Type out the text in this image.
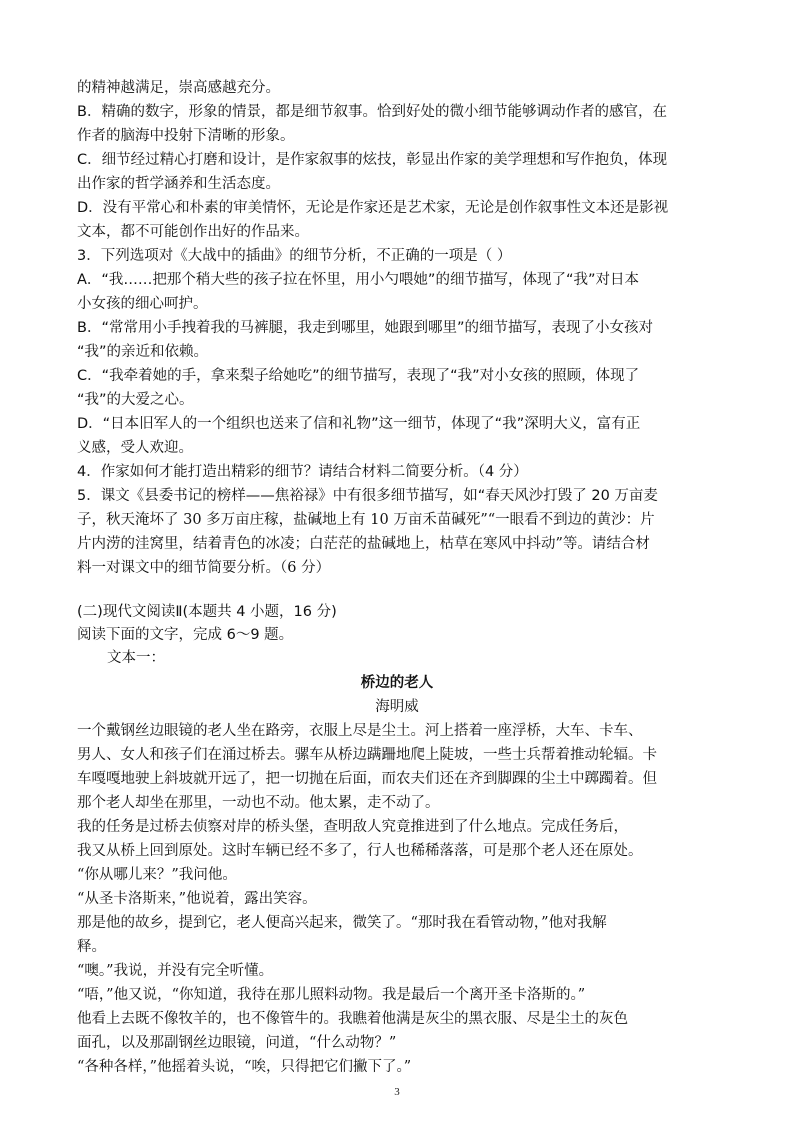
的精神越满足，崇高感越充分。
B．精确的数字，形象的情景，都是细节叙事。恰到好处的微小细节能够调动作者的感官，在
作者的脑海中投射下清晰的形象。
C．细节经过精心打磨和设计，是作家叙事的炫技，彰显出作家的美学理想和写作抱负，体现
出作家的哲学涵养和生活态度。
D．没有平常心和朴素的审美情怀，无论是作家还是艺术家，无论是创作叙事性文本还是影视
文本，都不可能创作出好的作品来。
3．下列选项对《大战中的插曲》的细节分析，不正确的一项是（ ）
A．“我……把那个稍大些的孩子拉在怀里，用小勺喂她”的细节描写，体现了“我”对日本
小女孩的细心呵护。
B．“常常用小手拽着我的马裤腿，我走到哪里，她跟到哪里”的细节描写，表现了小女孩对
“我”的亲近和依赖。
C．“我牵着她的手，拿来梨子给她吃”的细节描写，表现了“我”对小女孩的照顾，体现了
“我”的大爱之心。
D．“日本旧军人的一个组织也送来了信和礼物”这一细节，体现了“我”深明大义，富有正
义感，受人欢迎。
4．作家如何才能打造出精彩的细节？请结合材料二简要分析。（4 分）
5．课文《县委书记的榜样——焦裕禄》中有很多细节描写，如“春天风沙打毁了 20 万亩麦
子，秋天淹坏了 30 多万亩庄稼，盐碱地上有 10 万亩禾苗碱死”“一眼看不到边的黄沙：片
片内涝的洼窝里，结着青色的冰凌；白茫茫的盐碱地上，枯草在寒风中抖动”等。请结合材
料一对课文中的细节简要分析。（6 分）
(二)现代文阅读Ⅱ(本题共 4 小题，16 分)
阅读下面的文字，完成 6～9 题。
文本一：
桥边的老人
海明威
一个戴钢丝边眼镜的老人坐在路旁，衣服上尽是尘土。河上搭着一座浮桥，大车、卡车、
男人、女人和孩子们在涌过桥去。骡车从桥边蹒跚地爬上陡坡，一些士兵帮着推动轮辐。卡
车嘎嘎地驶上斜坡就开远了，把一切抛在后面，而农夫们还在齐到脚踝的尘土中踯躅着。但
那个老人却坐在那里，一动也不动。他太累，走不动了。
我的任务是过桥去侦察对岸的桥头堡，查明敌人究竟推进到了什么地点。完成任务后，
我又从桥上回到原处。这时车辆已经不多了，行人也稀稀落落，可是那个老人还在原处。
“你从哪儿来？”我问他。
“从圣卡洛斯来，”他说着，露出笑容。
那是他的故乡，提到它，老人便高兴起来，微笑了。“那时我在看管动物，”他对我解
释。
“噢。”我说，并没有完全听懂。
“唔，”他又说，“你知道，我待在那儿照料动物。我是最后一个离开圣卡洛斯的。”
他看上去既不像牧羊的，也不像管牛的。我瞧着他满是灰尘的黑衣服、尽是尘土的灰色
面孔，以及那副钢丝边眼镜，问道，“什么动物？”
“各种各样，”他摇着头说，“唉，只得把它们撇下了。”
3
